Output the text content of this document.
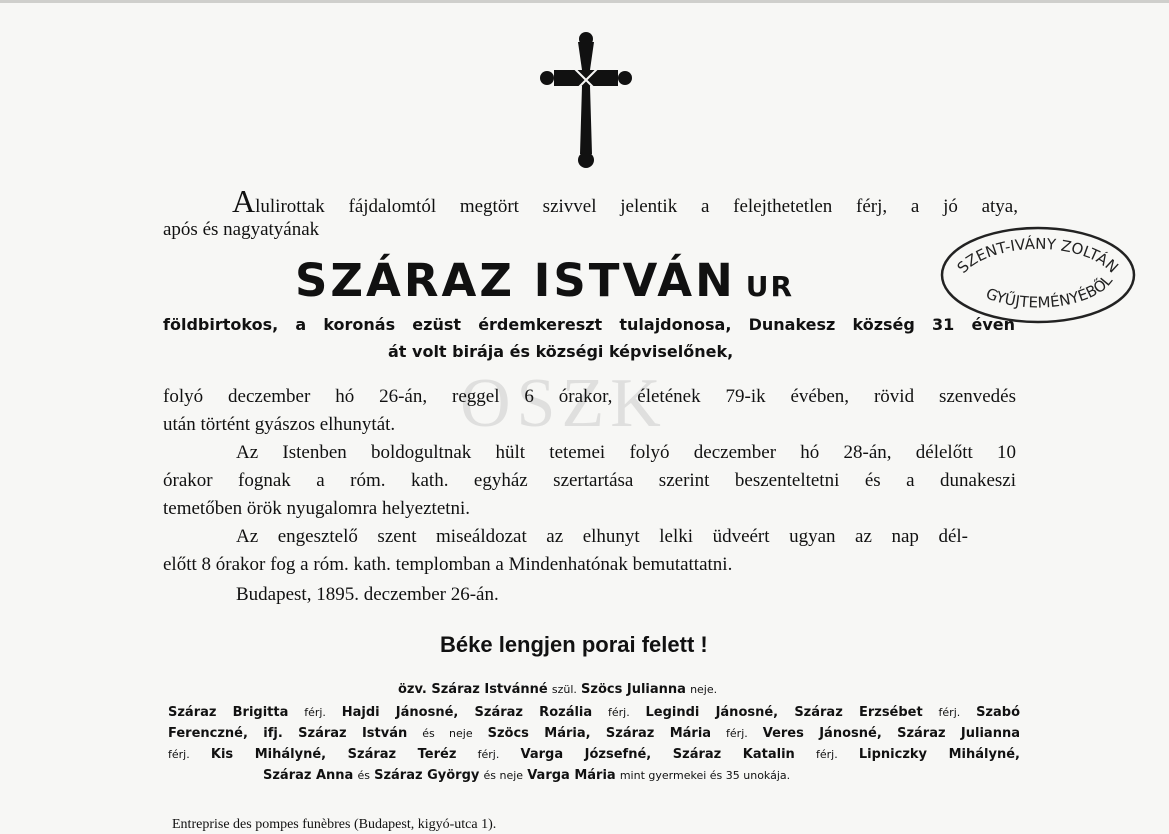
OSZK
SZENT-IVÁNY ZOLTÁN
GYŰJTEMÉNYÉBŐL
Alulirottak fájdalomtól megtört szivvel jelentik a felejthetetlen férj, a jó atya,
após és nagyatyának
SZÁRAZ ISTVÁN UR
földbirtokos, a koronás ezüst érdemkereszt tulajdonosa, Dunakesz község 31 éven
át volt birája és községi képviselőnek,
folyó deczember hó 26-án, reggel 6 órakor, életének 79-ik évében, rövid szenvedés
után történt gyászos elhunytát.
Az Istenben boldogultnak hült tetemei folyó deczember hó 28-án, délelőtt 10
órakor fognak a róm. kath. egyház szertartása szerint beszenteltetni és a dunakeszi
temetőben örök nyugalomra helyeztetni.
Az engesztelő szent miseáldozat az elhunyt lelki üdveért ugyan az nap dél-
előtt 8 órakor fog a róm. kath. templomban a Mindenhatónak bemutattatni.
Budapest, 1895. deczember 26-án.
Béke lengjen porai felett !
özv. Száraz Istvánné szül. Szöcs Julianna neje.
Száraz Brigitta férj. Hajdi Jánosné, Száraz Rozália férj. Legindi Jánosné, Száraz Erzsébet férj. Szabó
Ferenczné, ifj. Száraz István és neje Szöcs Mária, Száraz Mária férj. Veres Jánosné, Száraz Julianna
férj. Kis Mihályné, Száraz Teréz férj. Varga Józsefné, Száraz Katalin férj. Lipniczky Mihályné,
Száraz Anna és Száraz György és neje Varga Mária mint gyermekei és 35 unokája.
Entreprise des pompes funèbres (Budapest, kigyó-utca 1).
